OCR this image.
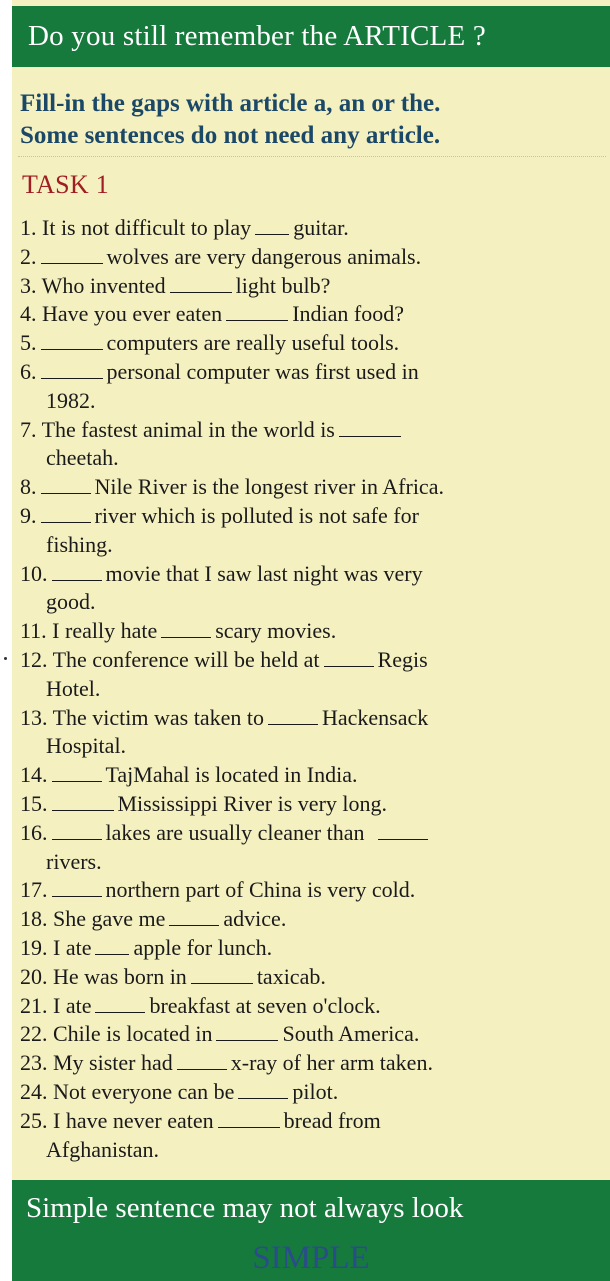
Do you still remember the ARTICLE ?
Fill-in the gaps with article a, an or the.
Some sentences do not need any article.
TASK 1
1. It is not difficult to play guitar.
2.	wolves are very dangerous animals.
3. Who invented	light bulb?
4. Have you ever eaten	Indian food?
5.	computers are really useful tools.
6.	personal computer was first used in
1982.
7. The fastest animal in the world is
cheetah.
8.	Nile River is the longest river in Africa.
9.	river which is polluted is not safe for
fishing.
10.	movie that I saw last night was very
good.
11. I really hate	scary movies.
12. The conference will be held at	Regis
Hotel.
13. The victim was taken to	Hackensack
Hospital.
14.	TajMahal is located in India.
15.	Mississippi River is very long.
16.	lakes are usually cleaner than
rivers.
17.	northern part of China is very cold.
18. She gave me	advice.
19. I ate apple for lunch.
20. He was born in	taxicab.
21. I ate	breakfast at seven o'clock.
22. Chile is located in	South America.
23. My sister had	x-ray of her arm taken.
24. Not everyone can be	pilot.
25. I have never eaten	bread from
Afghanistan.
Simple sentence may not always look
SIMPLE
